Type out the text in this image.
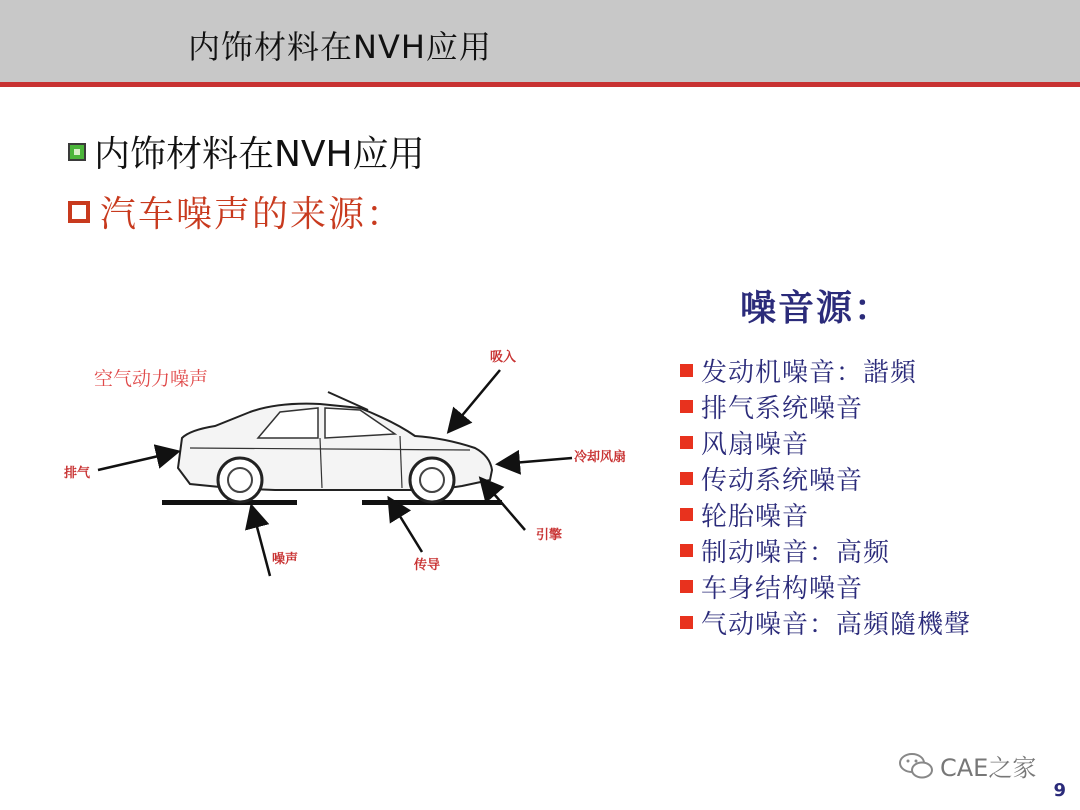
内饰材料在NVH应用
内饰材料在NVH应用
汽车噪声的来源：
空气动力噪声
吸入
排气
冷却风扇
引擎
噪声	传导
噪音源：
发动机噪音：諧頻
排气系统噪音
风扇噪音
传动系统噪音
轮胎噪音
制动噪音：高频
车身结构噪音
气动噪音：高頻隨機聲
CAE之家
9
